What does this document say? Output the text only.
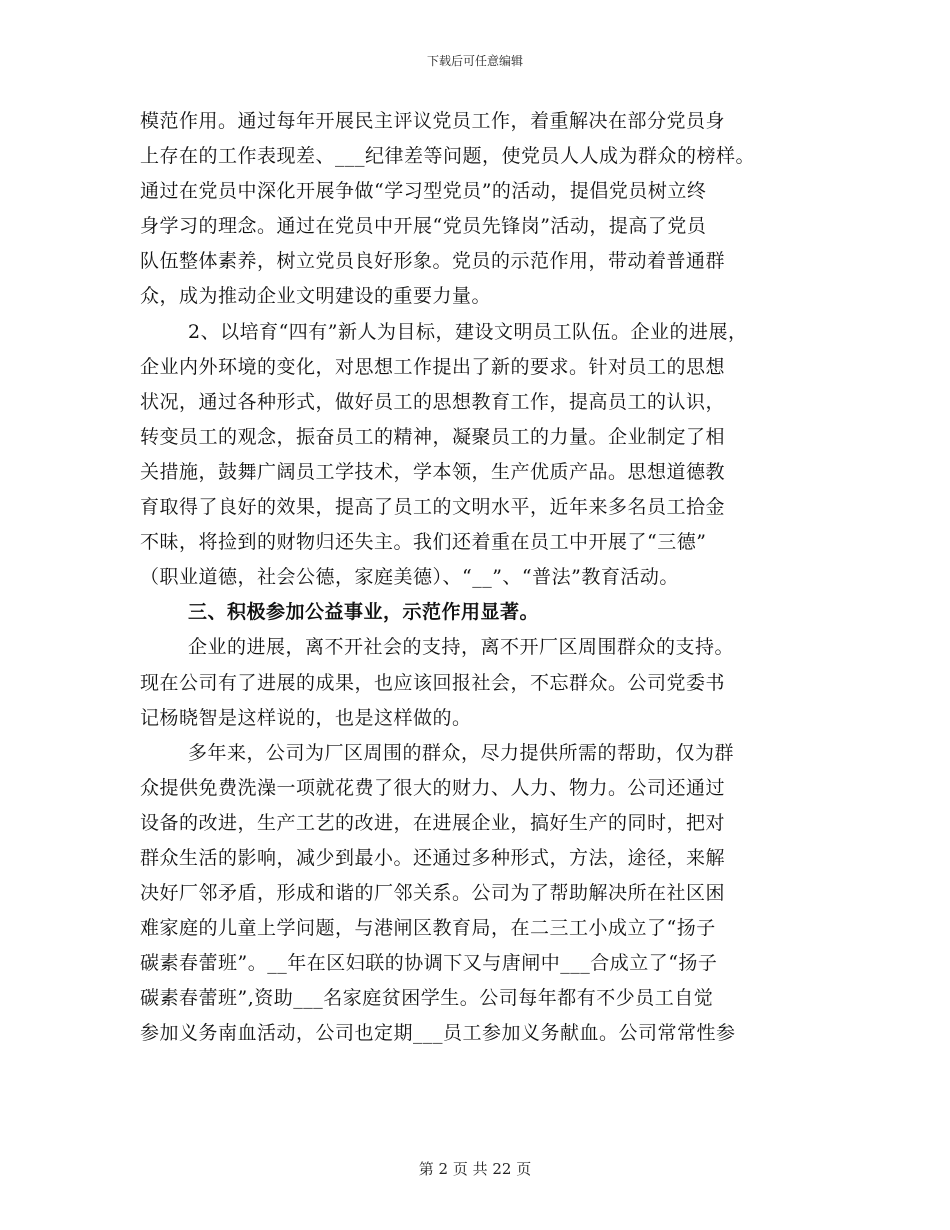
下载后可任意编辑
模范作用。通过每年开展民主评议党员工作，着重解决在部分党员身
上存在的工作表现差、___纪律差等问题，使党员人人成为群众的榜样。
通过在党员中深化开展争做“学习型党员”的活动，提倡党员树立终
身学习的理念。通过在党员中开展“党员先锋岗”活动，提高了党员
队伍整体素养，树立党员良好形象。党员的示范作用，带动着普通群
众，成为推动企业文明建设的重要力量。
2、以培育“四有”新人为目标，建设文明员工队伍。企业的进展，
企业内外环境的变化，对思想工作提出了新的要求。针对员工的思想
状况，通过各种形式，做好员工的思想教育工作，提高员工的认识，
转变员工的观念，振奋员工的精神，凝聚员工的力量。企业制定了相
关措施，鼓舞广阔员工学技术，学本领，生产优质产品。思想道德教
育取得了良好的效果，提高了员工的文明水平，近年来多名员工拾金
不昧，将捡到的财物归还失主。我们还着重在员工中开展了“三德”
（职业道德，社会公德，家庭美德）、“__”、“普法”教育活动。
三、积极参加公益事业，示范作用显著。
企业的进展，离不开社会的支持，离不开厂区周围群众的支持。
现在公司有了进展的成果，也应该回报社会，不忘群众。公司党委书
记杨晓智是这样说的，也是这样做的。
多年来，公司为厂区周围的群众，尽力提供所需的帮助，仅为群
众提供免费洗澡一项就花费了很大的财力、人力、物力。公司还通过
设备的改进，生产工艺的改进，在进展企业，搞好生产的同时，把对
群众生活的影响，减少到最小。还通过多种形式，方法，途径，来解
决好厂邻矛盾，形成和谐的厂邻关系。公司为了帮助解决所在社区困
难家庭的儿童上学问题，与港闸区教育局，在二三工小成立了“扬子
碳素春蕾班”。__年在区妇联的协调下又与唐闸中___合成立了“扬子
碳素春蕾班”,资助___名家庭贫困学生。公司每年都有不少员工自觉
参加义务南血活动，公司也定期___员工参加义务献血。公司常常性参
第 2 页 共 22 页
